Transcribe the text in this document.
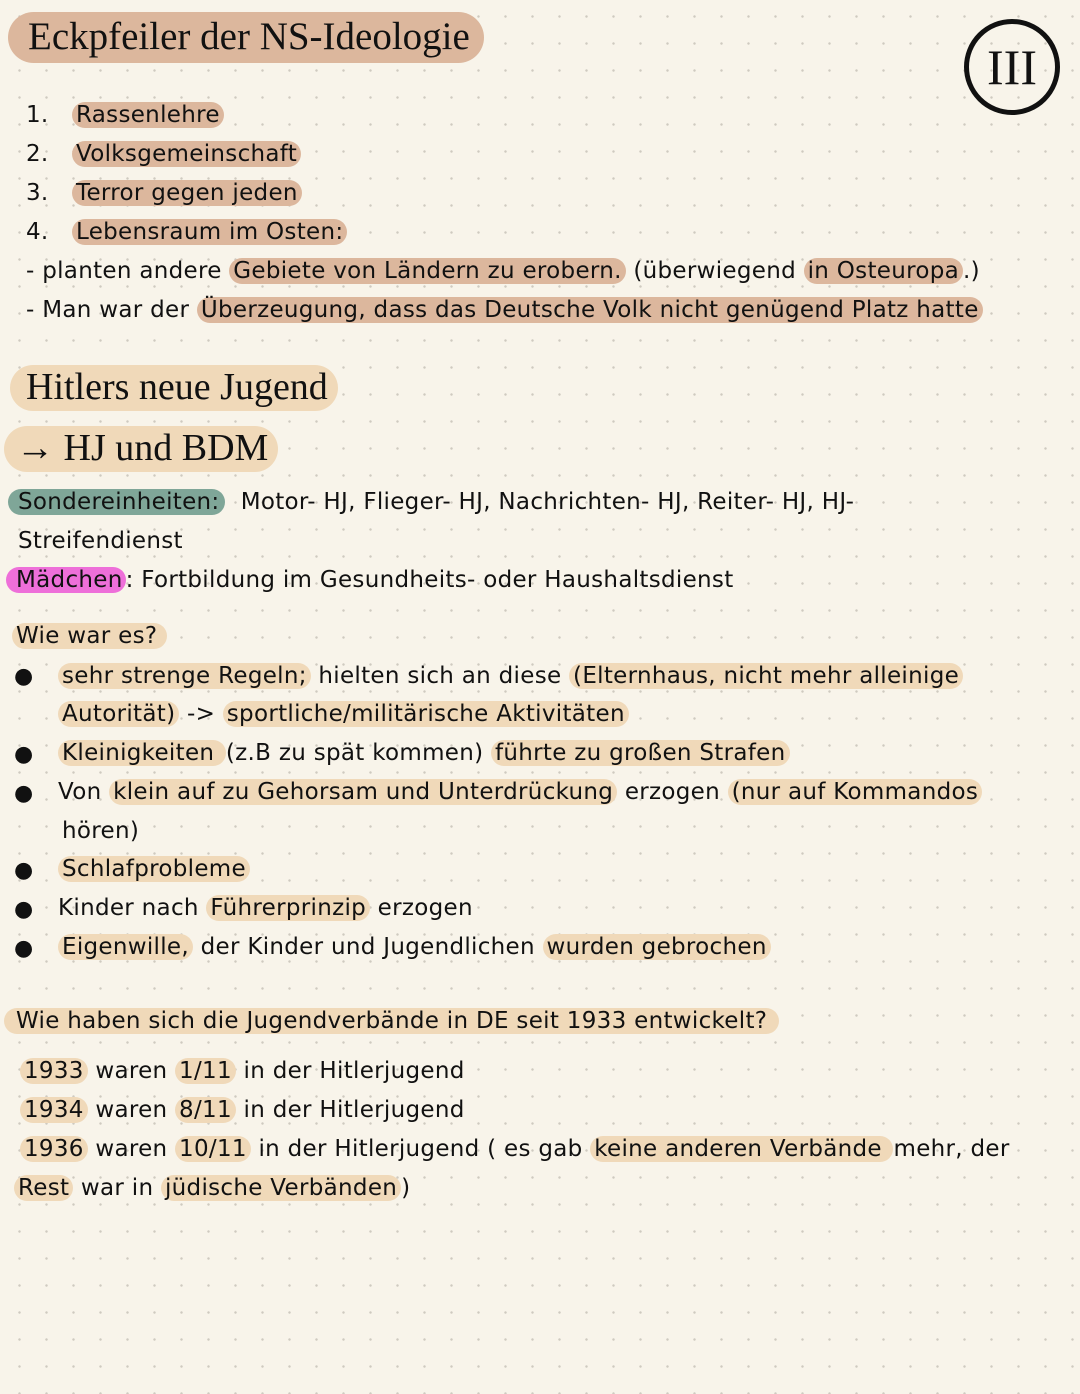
III
Eckpfeiler der NS-Ideologie
1. Rassenlehre
2. Volksgemeinschaft
3. Terror gegen jeden
4. Lebensraum im Osten:
- planten andere Gebiete von Ländern zu erobern. (überwiegend in Osteuropa .)
- Man war der Überzeugung, dass das Deutsche Volk nicht genügend Platz hatte
Hitlers neue Jugend
→ HJ und BDM
Sondereinheiten: Motor- HJ, Flieger- HJ, Nachrichten- HJ, Reiter- HJ, HJ-
Streifendienst
Mädchen : Fortbildung im Gesundheits- oder Haushaltsdienst
Wie war es?
● sehr strenge Regeln; hielten sich an diese (Elternhaus, nicht mehr alleinige
Autorität) -> sportliche/militärische Aktivitäten
● Kleinigkeiten (z.B zu spät kommen) führte zu großen Strafen
● Von klein auf zu Gehorsam und Unterdrückung erzogen (nur auf Kommandos
hören)
● Schlafprobleme
● Kinder nach Führerprinzip erzogen
● Eigenwille, der Kinder und Jugendlichen wurden gebrochen
Wie haben sich die Jugendverbände in DE seit 1933 entwickelt?
1933 waren 1/11 in der Hitlerjugend
1934 waren 8/11 in der Hitlerjugend
1936 waren 10/11 in der Hitlerjugend ( es gab keine anderen Verbände mehr, der
Rest war in jüdische Verbänden )
